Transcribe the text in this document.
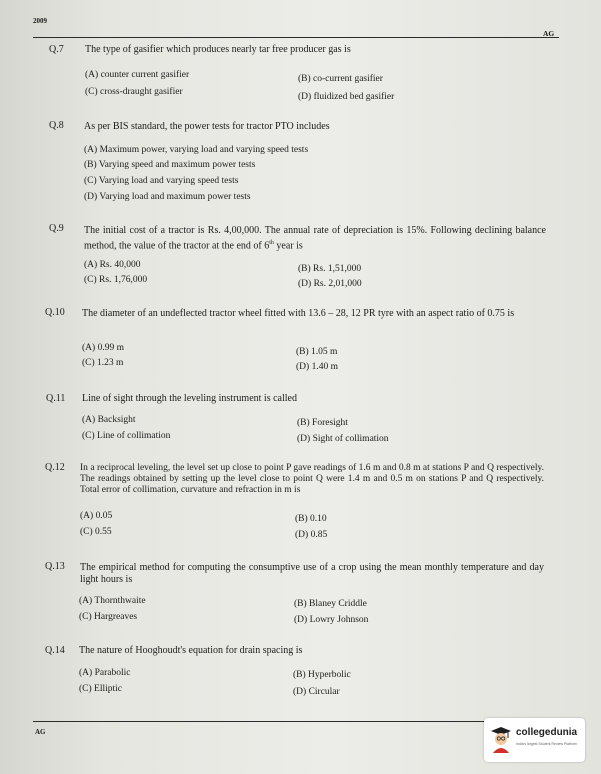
2009
AG
Q.7 The type of gasifier which produces nearly tar free producer gas is
(A) counter current gasifier	(B) co-current gasifier
(C) cross-draught gasifier	(D) fluidized bed gasifier
Q.8 As per BIS standard, the power tests for tractor PTO includes
(A) Maximum power, varying load and varying speed tests
(B) Varying speed and maximum power tests
(C) Varying load and varying speed tests
(D) Varying load and maximum power tests
Q.9 The initial cost of a tractor is Rs. 4,00,000. The annual rate of depreciation is 15%. Following declining balance method, the value of the tractor at the end of 6th year is
(A) Rs. 40,000	(B) Rs. 1,51,000
(C) Rs. 1,76,000	(D) Rs. 2,01,000
Q.10 The diameter of an undeflected tractor wheel fitted with 13.6 – 28, 12 PR tyre with an aspect ratio of 0.75 is
(A) 0.99 m	(B) 1.05 m
(C) 1.23 m	(D) 1.40 m
Q.11 Line of sight through the leveling instrument is called
(A) Backsight	(B) Foresight
(C) Line of collimation	(D) Sight of collimation
Q.12 In a reciprocal leveling, the level set up close to point P gave readings of 1.6 m and 0.8 m at stations P and Q respectively. The readings obtained by setting up the level close to point Q were 1.4 m and 0.5 m on stations P and Q respectively. Total error of collimation, curvature and refraction in m is
(A) 0.05	(B) 0.10
(C) 0.55	(D) 0.85
Q.13 The empirical method for computing the consumptive use of a crop using the mean monthly temperature and day light hours is
(A) Thornthwaite	(B) Blaney Criddle
(C) Hargreaves	(D) Lowry Johnson
Q.14 The nature of Hooghoudt's equation for drain spacing is
(A) Parabolic	(B) Hyperbolic
(C) Elliptic	(D) Circular
AG	collegedunia
India's largest Student Review Platform
